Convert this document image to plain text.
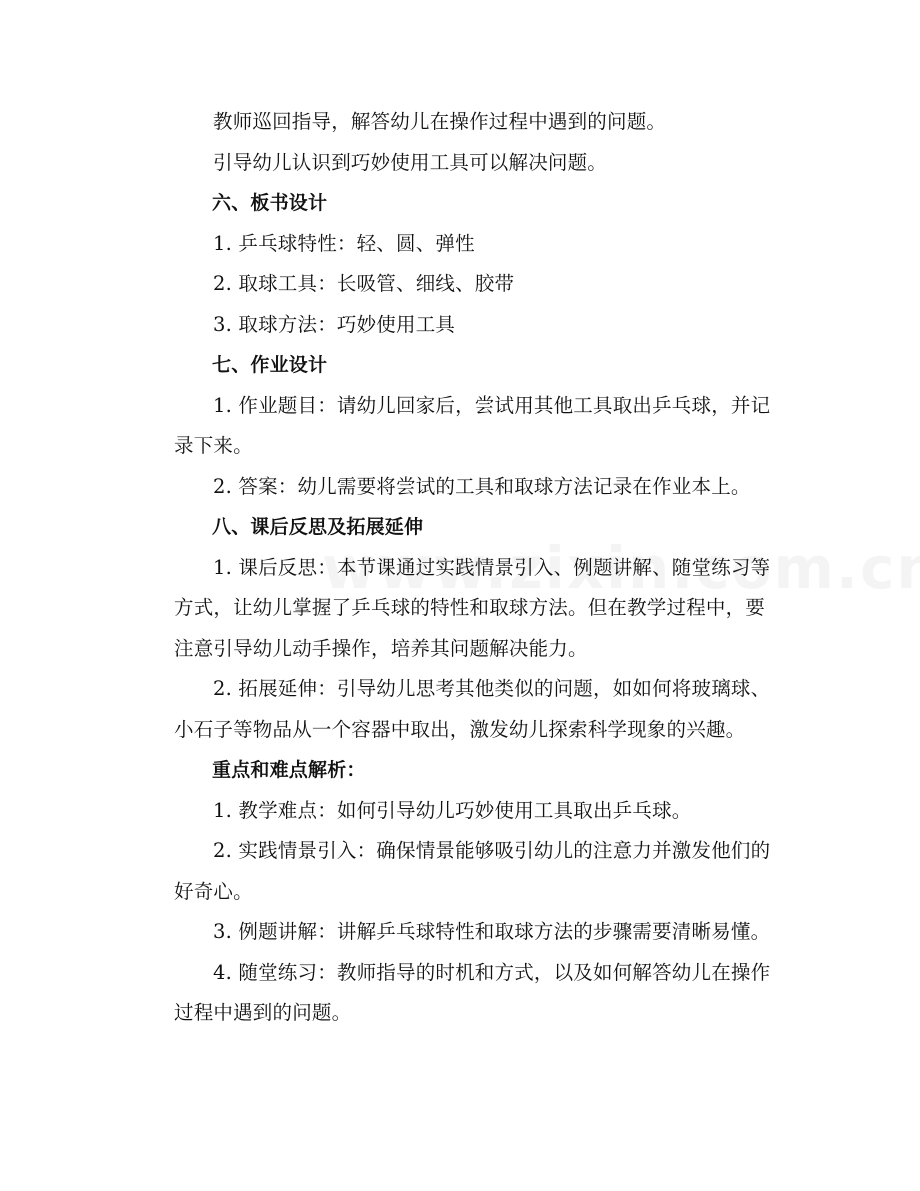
教师巡回指导，解答幼儿在操作过程中遇到的问题。

引导幼儿认识到巧妙使用工具可以解决问题。

六、板书设计

1. 乒乓球特性：轻、圆、弹性

2. 取球工具：长吸管、细线、胶带

3. 取球方法：巧妙使用工具

七、作业设计

1. 作业题目：请幼儿回家后，尝试用其他工具取出乒乓球，并记录下来。

2. 答案：幼儿需要将尝试的工具和取球方法记录在作业本上。

八、课后反思及拓展延伸

1. 课后反思：本节课通过实践情景引入、例题讲解、随堂练习等方式，让幼儿掌握了乒乓球的特性和取球方法。但在教学过程中，要注意引导幼儿动手操作，培养其问题解决能力。

2. 拓展延伸：引导幼儿思考其他类似的问题，如如何将玻璃球、小石子等物品从一个容器中取出，激发幼儿探索科学现象的兴趣。

重点和难点解析：

1. 教学难点：如何引导幼儿巧妙使用工具取出乒乓球。

2. 实践情景引入：确保情景能够吸引幼儿的注意力并激发他们的好奇心。

3. 例题讲解：讲解乒乓球特性和取球方法的步骤需要清晰易懂。

4. 随堂练习：教师指导的时机和方式，以及如何解答幼儿在操作过程中遇到的问题。
